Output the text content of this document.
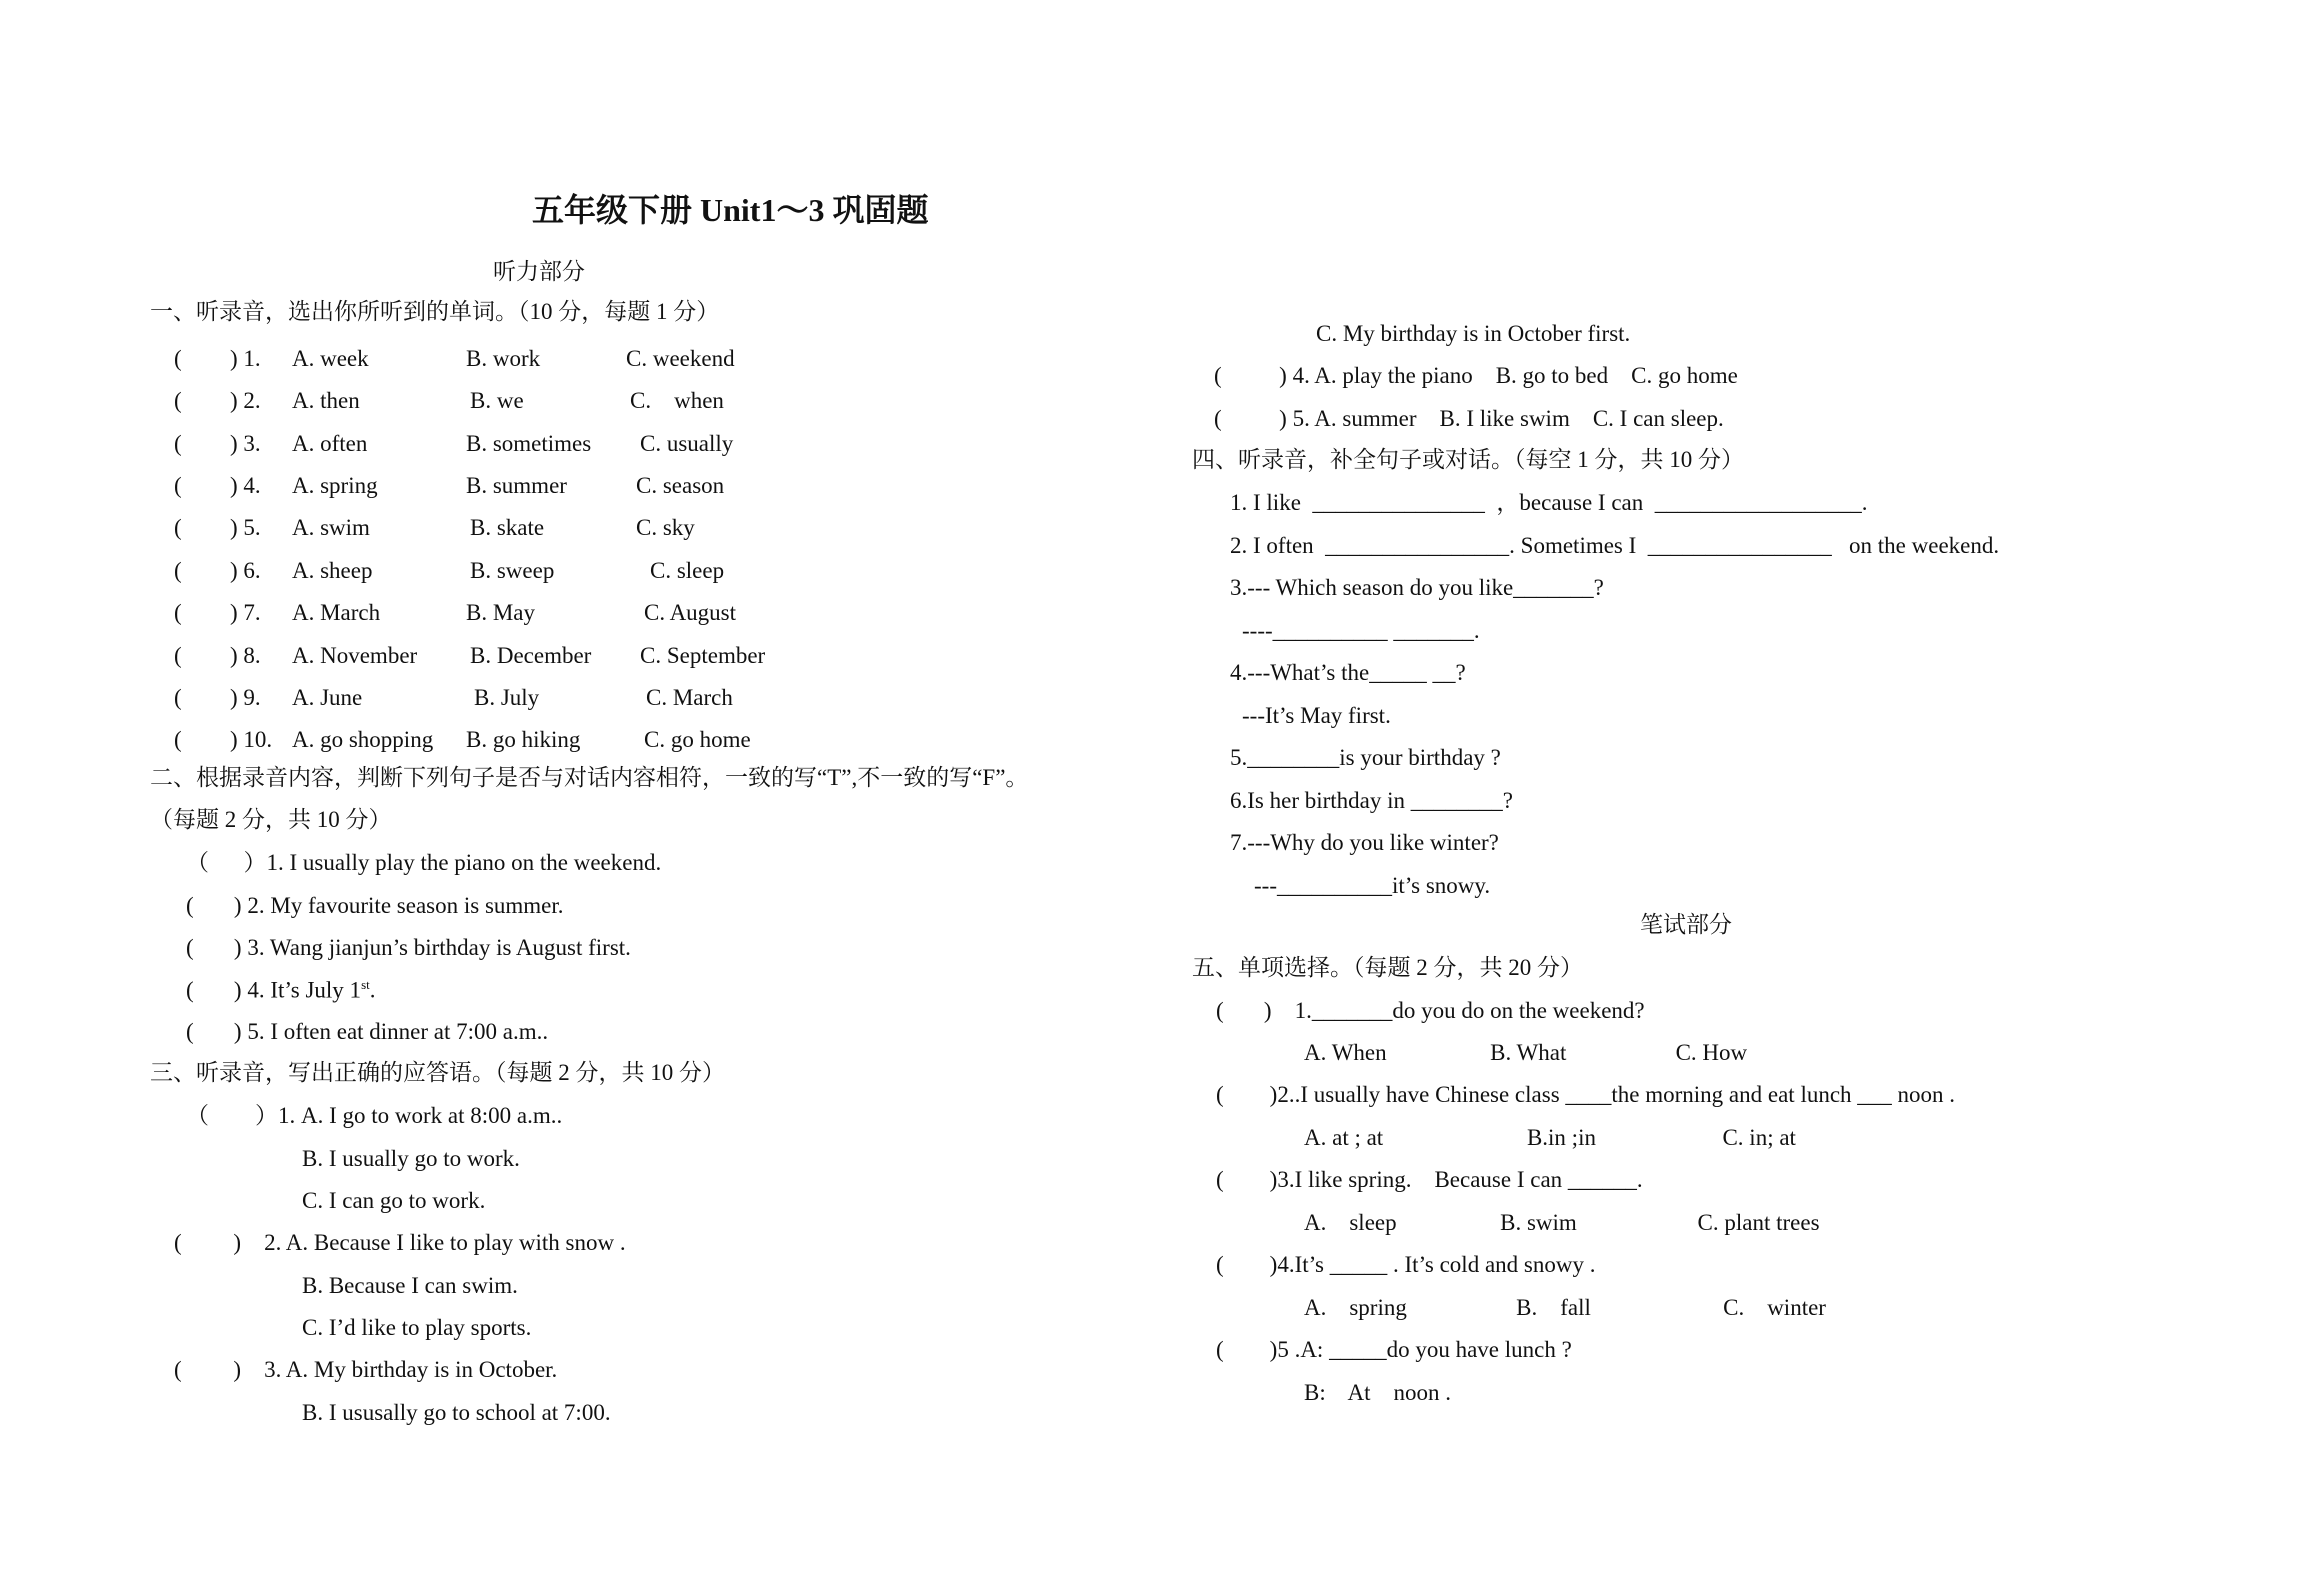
五年级下册 Unit1～3 巩固题
听力部分
一、听录音，选出你所听到的单词。（10 分，每题 1 分）
( ) 1. A. week	B. work	C. weekend
( ) 2. A. then	B. we	C.    when
( ) 3. A. often	B. sometimes C. usually
( ) 4. A. spring	B. summer	C. season
( ) 5. A. swim	B. skate	C. sky
( ) 6. A. sheep	B. sweep	C. sleep
( ) 7. A. March	B. May	C. August
( ) 8. A. November B. December C. September
( ) 9. A. June	B. July	C. March
( ) 10. A. go shopping B. go hiking	C. go home
二、根据录音内容，判断下列句子是否与对话内容相符，一致的写“T”,不一致的写“F”。
（每题 2 分，共 10 分）
（      ）1. I usually play the piano on the weekend.
(       ) 2. My favourite season is summer.
(       ) 3. Wang jianjun’s birthday is August first.
(       ) 4. It’s July 1st.
(       ) 5. I often eat dinner at 7:00 a.m..
三、听录音，写出正确的应答语。（每题 2 分，共 10 分）
（        ）1. A. I go to work at 8:00 a.m..
B. I usually go to work.
C. I can go to work.
(         )    2. A. Because I like to play with snow .
B. Because I can swim.
C. I’d like to play sports.
(         )    3. A. My birthday is in October.
B. I ususally go to school at 7:00.
C. My birthday is in October first.
(          ) 4. A. play the piano    B. go to bed    C. go home
(          ) 5. A. summer    B. I like swim    C. I can sleep.
四、听录音，补全句子或对话。（每空 1 分，共 10 分）
1. I like  _______________  ，because I can  __________________.
2. I often  ________________. Sometimes I  ________________   on the weekend.
3.--- Which season do you like_______?
----__________ _______.
4.---What’s the_____ __?
---It’s May first.
5.________is your birthday ?
6.Is her birthday in ________?
7.---Why do you like winter?
---__________it’s snowy.
笔试部分
五、单项选择。（每题 2 分，共 20 分）
(       )    1._______do you do on the weekend?
A. When                  B. What                   C. How
(        )2..I usually have Chinese class ____the morning and eat lunch ___ noon .
A. at ; at                         B.in ;in                      C. in; at
(        )3.I like spring.    Because I can ______.
A.    sleep                  B. swim                     C. plant trees
(        )4.It’s _____ . It’s cold and snowy .
A.    spring                   B.    fall                       C.    winter
(        )5 .A: _____do you have lunch ?
B:    At    noon .
